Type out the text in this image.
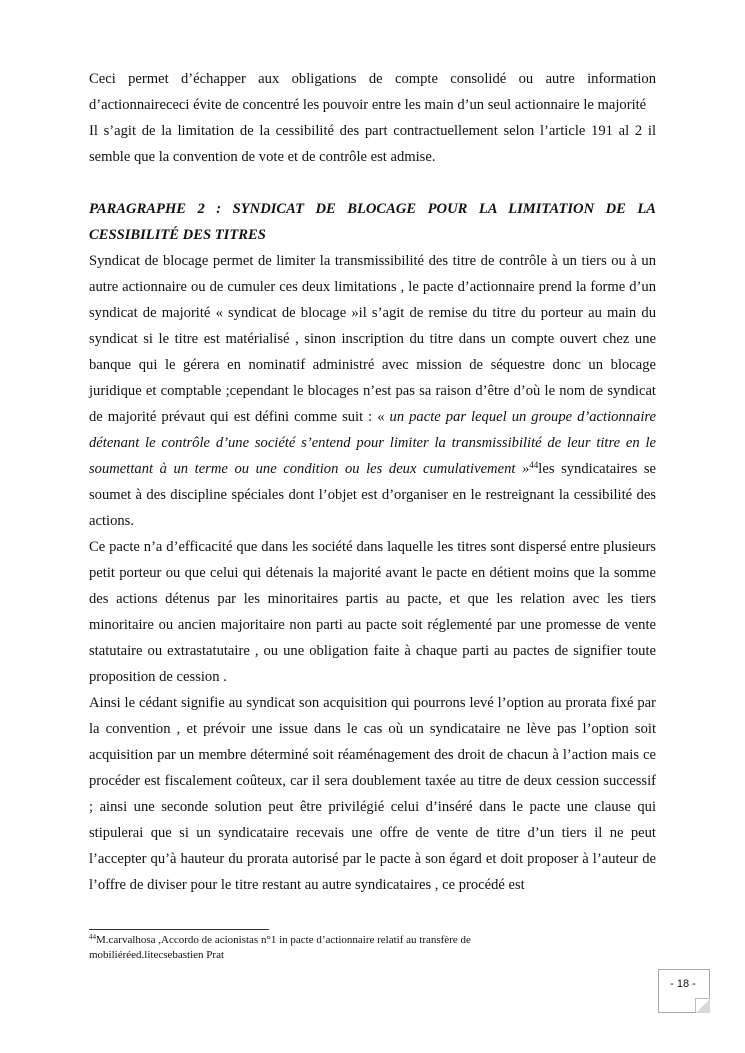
Ceci permet d’échapper aux obligations de compte consolidé ou autre information d’actionnairececi évite de concentré les pouvoir entre les main d’un seul actionnaire le majorité

Il s’agit de la limitation de la cessibilité des part contractuellement selon l’article 191 al 2 il semble que la convention de vote et de contrôle est admise.

PARAGRAPHE 2 : SYNDICAT DE BLOCAGE POUR LA LIMITATION DE LA CESSIBILITÉ DES TITRES

Syndicat de blocage permet de limiter la transmissibilité des titre de contrôle à un tiers ou à un autre actionnaire ou de cumuler ces deux limitations , le pacte d’actionnaire prend la forme d’un syndicat de majorité « syndicat de blocage »il s’agit de remise du titre du porteur au main du syndicat si le titre est matérialisé , sinon inscription du titre dans un compte ouvert chez une banque qui le gérera en nominatif administré avec mission de séquestre donc un blocage juridique et comptable ;cependant le blocages n’est pas sa raison d’être d’où le nom de syndicat de majorité prévaut qui est défini comme suit : « un pacte par lequel un groupe d’actionnaire détenant le contrôle d’une société s’entend pour limiter la transmissibilité de leur titre en le soumettant à un terme ou une condition ou les deux cumulativement »$^{44}$les syndicataires se soumet à des discipline spéciales dont l’objet est d’organiser en le restreignant la cessibilité des actions.

Ce pacte n’a d’efficacité que dans les société dans laquelle les titres sont dispersé entre plusieurs petit porteur ou que celui qui détenais la majorité avant le pacte en détient moins que la somme des actions détenus par les minoritaires partis au pacte, et que les relation avec les tiers minoritaire ou ancien majoritaire non parti au pacte soit réglementé par une promesse de vente statutaire ou extrastatutaire , ou une obligation faite à chaque parti au pactes de signifier toute proposition de cession .

Ainsi le cédant signifie au syndicat son acquisition qui pourrons levé l’option au prorata fixé par la convention , et prévoir une issue dans le cas où un syndicataire ne lève pas l’option soit acquisition par un membre déterminé soit réaménagement des droit de chacun à l’action mais ce procéder est fiscalement coûteux, car il sera doublement taxée au titre de deux cession successif ; ainsi une seconde solution peut être privilégié celui d’inséré dans le pacte une clause qui stipulerai que si un syndicataire recevais une offre de vente de titre d’un tiers il ne peut l’accepter qu’à hauteur du prorata autorisé par le pacte à son égard et doit proposer à l’auteur de l’offre de diviser pour le titre restant au autre syndicataires , ce procédé est

$^{44}$M.carvalhosa ,Accordo de acionistas n°1 in pacte d’actionnaire relatif au transfère de mobiliéréed.litecsebastien Prat
- 18 -
